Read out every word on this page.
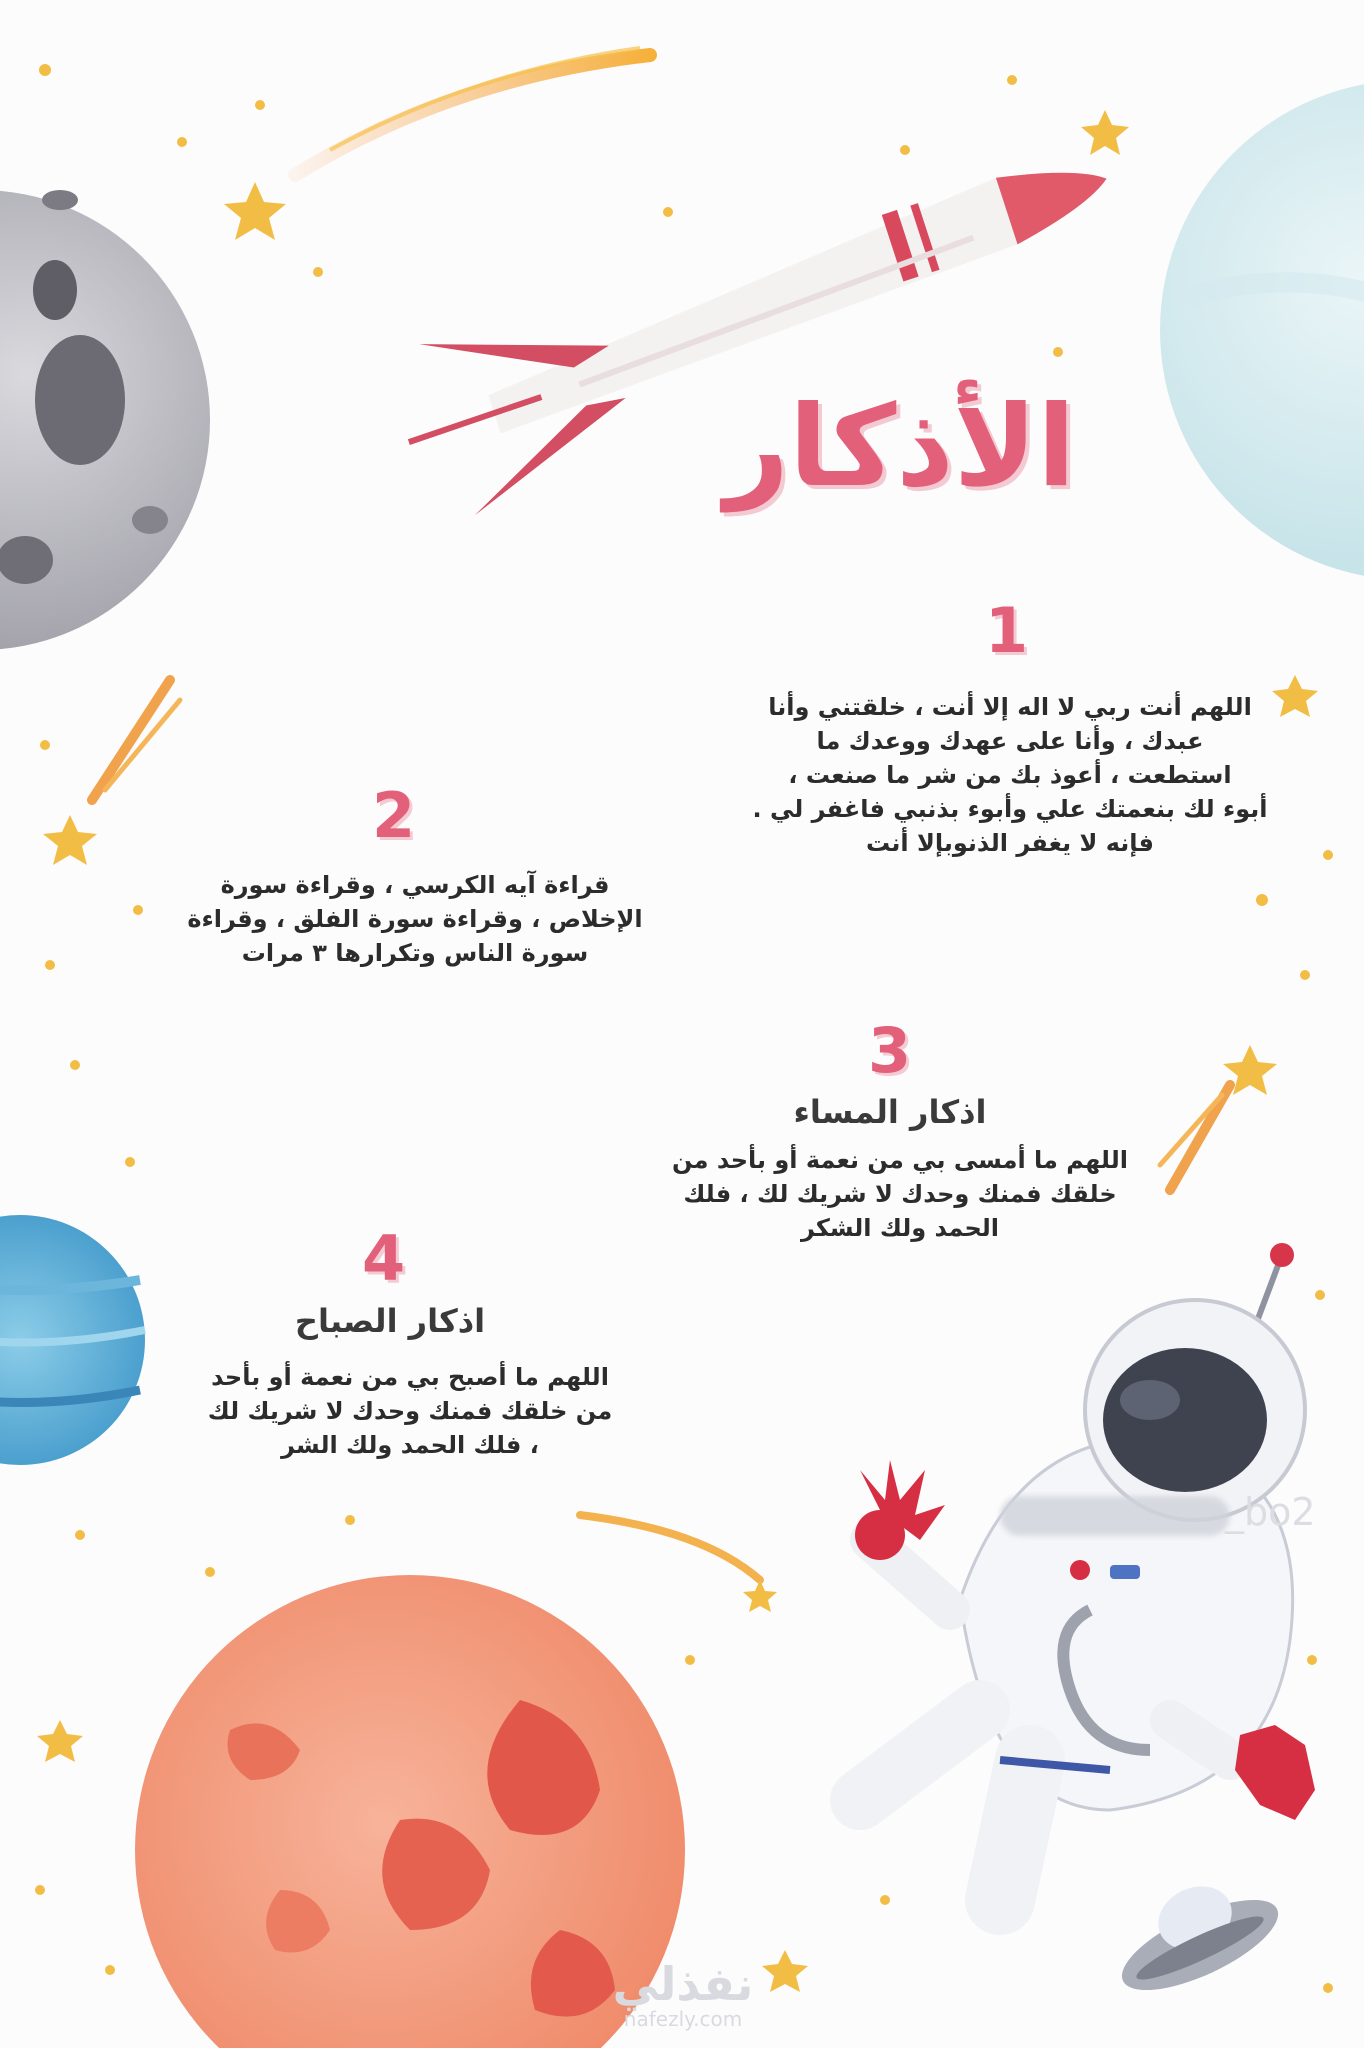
الأذكار
1
اللهم أنت ربي لا اله إلا أنت ، خلقتني وأنا
عبدك ، وأنا على عهدك ووعدك ما
استطعت ، أعوذ بك من شر ما صنعت ،
أبوء لك بنعمتك علي وأبوء بذنبي فاغفر لي .
فإنه لا يغفر الذنوبإلا أنت
2
قراءة آيه الكرسي ، وقراءة سورة
الإخلاص ، وقراءة سورة الفلق ، وقراءة
سورة الناس وتكرارها ٣ مرات
3
اذكار المساء
اللهم ما أمسى بي من نعمة أو بأحد من
خلقك فمنك وحدك لا شريك لك ، فلك
الحمد ولك الشكر
4
اذكار الصباح
اللهم ما أصبح بي من نعمة أو بأحد
من خلقك فمنك وحدك لا شريك لك
، فلك الحمد ولك الشر
_bo2
نفذلي
nafezly.com
